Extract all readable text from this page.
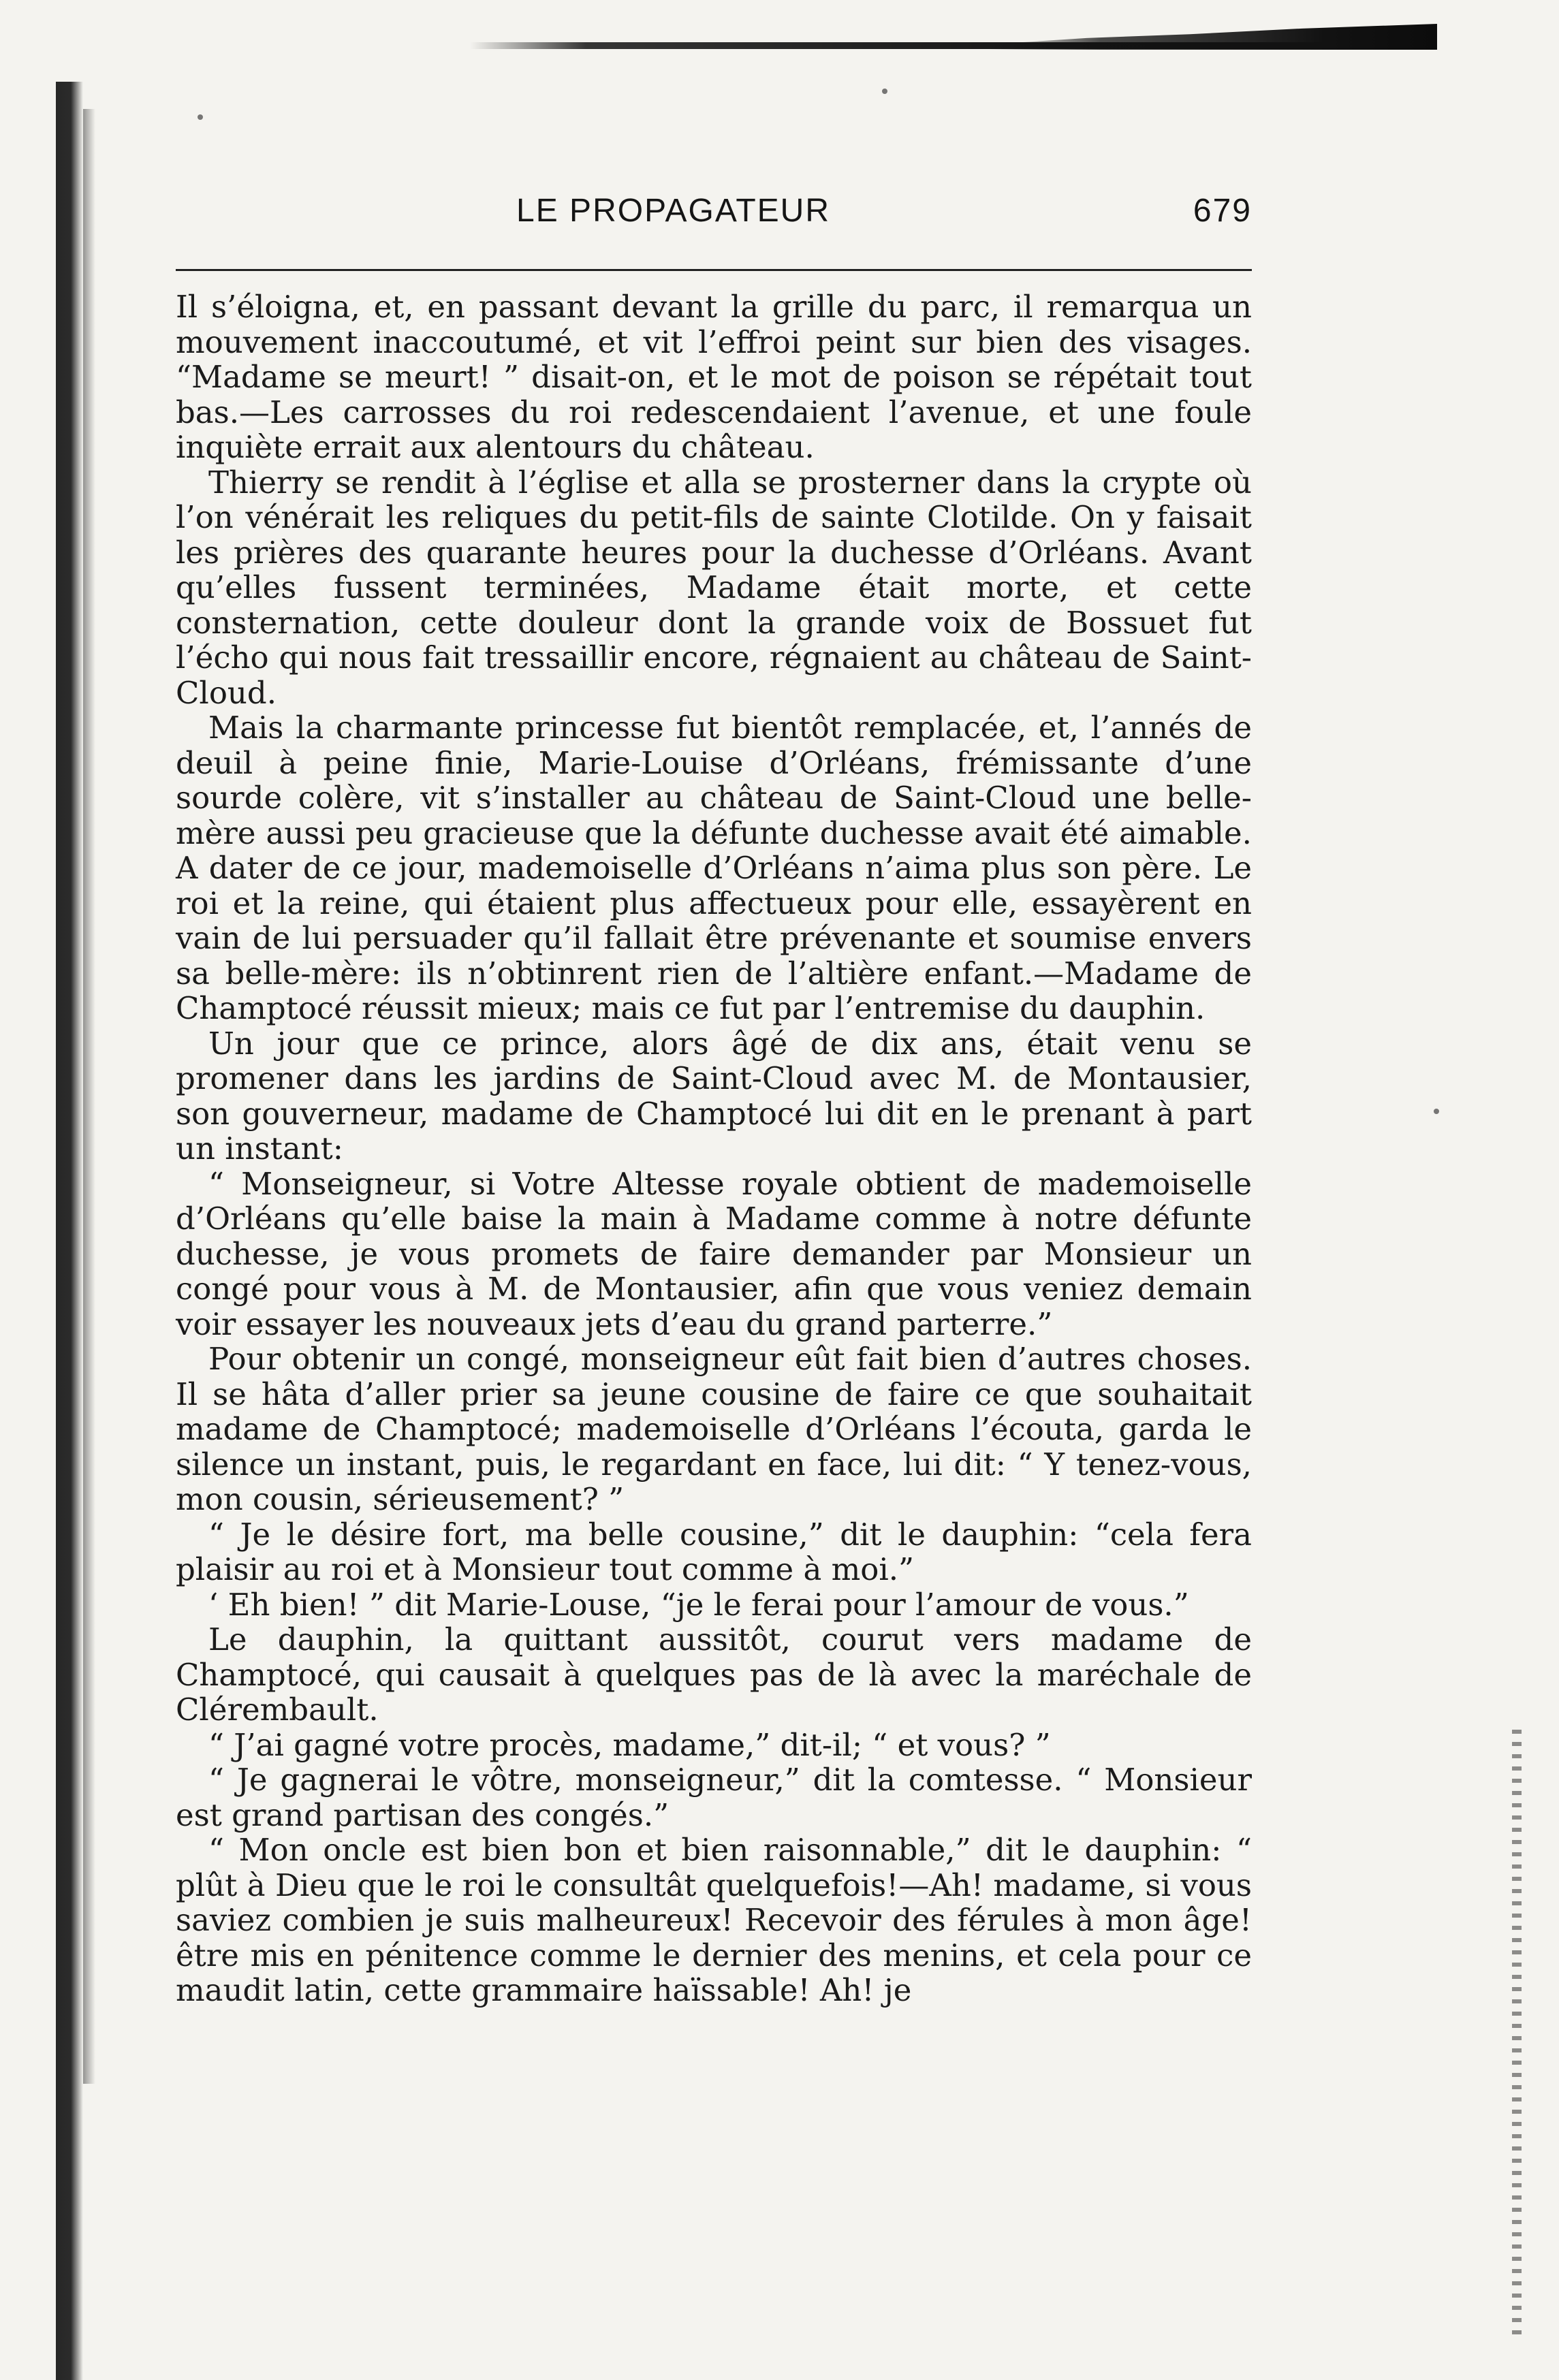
LE PROPAGATEUR	679

Il s’éloigna, et, en passant devant la grille du parc, il remarqua un mouvement inaccoutumé, et vit l’effroi peint sur bien des visages. “Madame se meurt! ” disait-on, et le mot de poison se répétait tout bas.—Les carrosses du roi redescendaient l’avenue, et une foule inquiète errait aux alentours du château.

Thierry se rendit à l’église et alla se prosterner dans la crypte où l’on vénérait les reliques du petit-fils de sainte Clotilde. On y faisait les prières des quarante heures pour la duchesse d’Orléans. Avant qu’elles fussent terminées, Madame était morte, et cette consternation, cette douleur dont la grande voix de Bossuet fut l’écho qui nous fait tressaillir encore, régnaient au château de Saint-Cloud.

Mais la charmante princesse fut bientôt remplacée, et, l’annés de deuil à peine finie, Marie-Louise d’Orléans, frémissante d’une sourde colère, vit s’installer au château de Saint-Cloud une belle-mère aussi peu gracieuse que la défunte duchesse avait été aimable. A dater de ce jour, mademoiselle d’Orléans n’aima plus son père. Le roi et la reine, qui étaient plus affectueux pour elle, essayèrent en vain de lui persuader qu’il fallait être prévenante et soumise envers sa belle-mère: ils n’obtinrent rien de l’altière enfant.—Madame de Champtocé réussit mieux; mais ce fut par l’entremise du dauphin.

Un jour que ce prince, alors âgé de dix ans, était venu se promener dans les jardins de Saint-Cloud avec M. de Montausier, son gouverneur, madame de Champtocé lui dit en le prenant à part un instant:

“ Monseigneur, si Votre Altesse royale obtient de mademoiselle d’Orléans qu’elle baise la main à Madame comme à notre défunte duchesse, je vous promets de faire demander par Monsieur un congé pour vous à M. de Montausier, afin que vous veniez demain voir essayer les nouveaux jets d’eau du grand parterre.”

Pour obtenir un congé, monseigneur eût fait bien d’autres choses. Il se hâta d’aller prier sa jeune cousine de faire ce que souhaitait madame de Champtocé; mademoiselle d’Orléans l’écouta, garda le silence un instant, puis, le regardant en face, lui dit: “ Y tenez-vous, mon cousin, sérieusement? ”

“ Je le désire fort, ma belle cousine,” dit le dauphin: “cela fera plaisir au roi et à Monsieur tout comme à moi.”

‘ Eh bien! ” dit Marie-Louse, “je le ferai pour l’amour de vous.”

Le dauphin, la quittant aussitôt, courut vers madame de Champtocé, qui causait à quelques pas de là avec la maréchale de Clérembault.

“ J’ai gagné votre procès, madame,” dit-il; “ et vous? ”

“ Je gagnerai le vôtre, monseigneur,” dit la comtesse. “ Monsieur est grand partisan des congés.”

“ Mon oncle est bien bon et bien raisonnable,” dit le dauphin: “ plût à Dieu que le roi le consultât quelquefois!—Ah! madame, si vous saviez combien je suis malheureux! Recevoir des férules à mon âge! être mis en pénitence comme le dernier des menins, et cela pour ce maudit latin, cette grammaire haïssable! Ah! je
